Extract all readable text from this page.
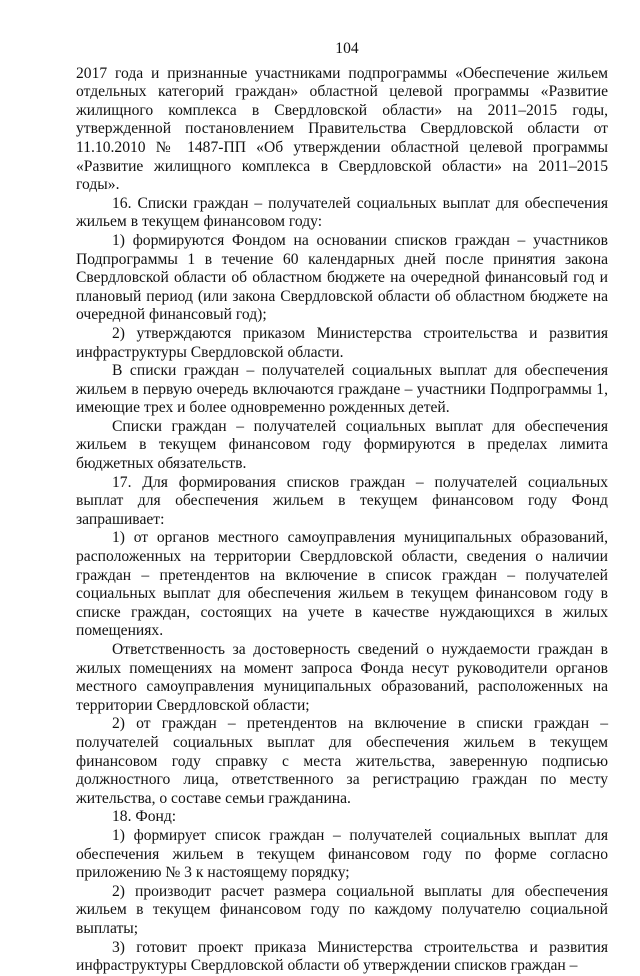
104

2017 года и признанные участниками подпрограммы «Обеспечение жильем отдельных категорий граждан» областной целевой программы «Развитие жилищного комплекса в Свердловской области» на 2011–2015 годы, утвержденной постановлением Правительства Свердловской области от 11.10.2010 № 1487-ПП «Об утверждении областной целевой программы «Развитие жилищного комплекса в Свердловской области» на 2011–2015 годы».

16. Списки граждан – получателей социальных выплат для обеспечения жильем в текущем финансовом году:

1) формируются Фондом на основании списков граждан – участников Подпрограммы 1 в течение 60 календарных дней после принятия закона Свердловской области об областном бюджете на очередной финансовый год и плановый период (или закона Свердловской области об областном бюджете на очередной финансовый год);

2) утверждаются приказом Министерства строительства и развития инфраструктуры Свердловской области.

В списки граждан – получателей социальных выплат для обеспечения жильем в первую очередь включаются граждане – участники Подпрограммы 1, имеющие трех и более одновременно рожденных детей.

Списки граждан – получателей социальных выплат для обеспечения жильем в текущем финансовом году формируются в пределах лимита бюджетных обязательств.

17. Для формирования списков граждан – получателей социальных выплат для обеспечения жильем в текущем финансовом году Фонд запрашивает:

1) от органов местного самоуправления муниципальных образований, расположенных на территории Свердловской области, сведения о наличии граждан – претендентов на включение в список граждан – получателей социальных выплат для обеспечения жильем в текущем финансовом году в списке граждан, состоящих на учете в качестве нуждающихся в жилых помещениях.

Ответственность за достоверность сведений о нуждаемости граждан в жилых помещениях на момент запроса Фонда несут руководители органов местного самоуправления муниципальных образований, расположенных на территории Свердловской области;

2) от граждан – претендентов на включение в списки граждан – получателей социальных выплат для обеспечения жильем в текущем финансовом году справку с места жительства, заверенную подписью должностного лица, ответственного за регистрацию граждан по месту жительства, о составе семьи гражданина.

18. Фонд:

1) формирует список граждан – получателей социальных выплат для обеспечения жильем в текущем финансовом году по форме согласно приложению № 3 к настоящему порядку;

2) производит расчет размера социальной выплаты для обеспечения жильем в текущем финансовом году по каждому получателю социальной выплаты;

3) готовит проект приказа Министерства строительства и развития инфраструктуры Свердловской области об утверждении списков граждан –
